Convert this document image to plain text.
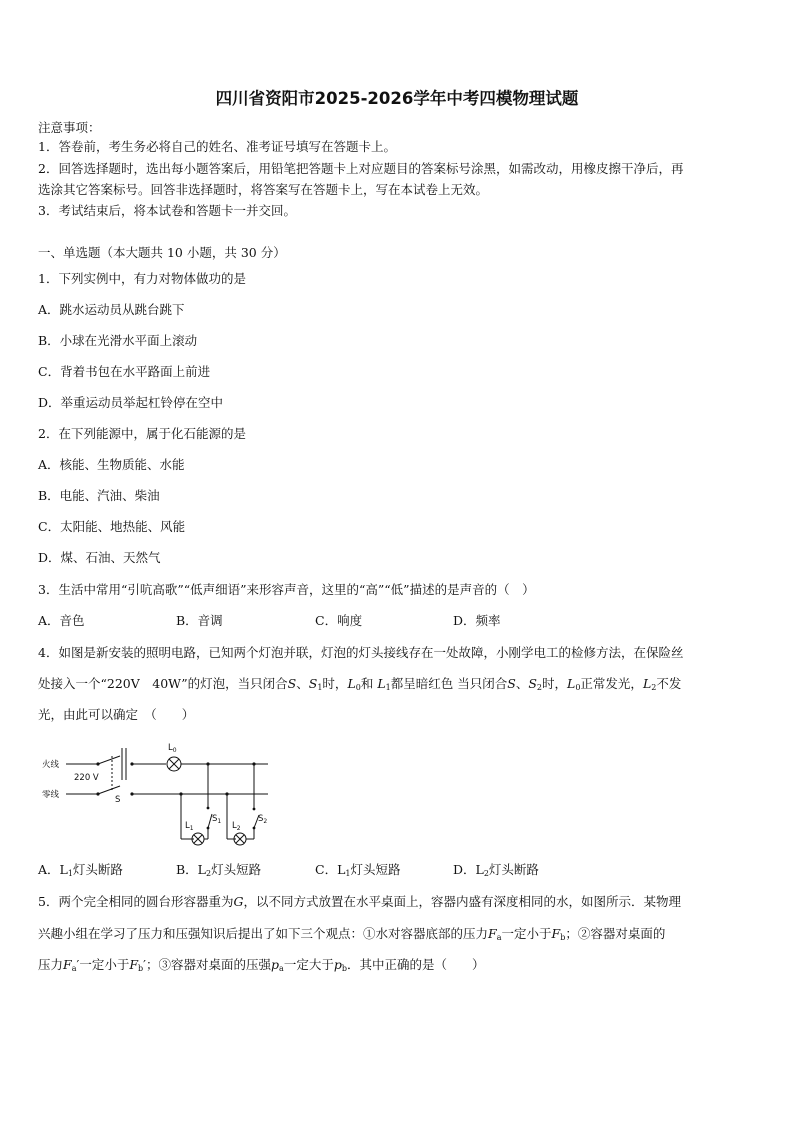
四川省资阳市2025-2026学年中考四模物理试题
注意事项：
1．答卷前，考生务必将自己的姓名、准考证号填写在答题卡上。
2．回答选择题时，选出每小题答案后，用铅笔把答题卡上对应题目的答案标号涂黑，如需改动，用橡皮擦干净后，再
选涂其它答案标号。回答非选择题时，将答案写在答题卡上，写在本试卷上无效。
3．考试结束后，将本试卷和答题卡一并交回。
一、单选题（本大题共 10 小题，共 30 分）
1．下列实例中，有力对物体做功的是
A．跳水运动员从跳台跳下
B．小球在光滑水平面上滚动
C．背着书包在水平路面上前进
D．举重运动员举起杠铃停在空中
2．在下列能源中，属于化石能源的是
A．核能、生物质能、水能
B．电能、汽油、柴油
C．太阳能、地热能、风能
D．煤、石油、天然气
3．生活中常用“引吭高歌”“低声细语”来形容声音，这里的“高”“低”描述的是声音的（　）
A．音色	B．音调	C．响度	D．频率
4．如图是新安装的照明电路，已知两个灯泡并联，灯泡的灯头接线存在一处故障，小刚学电工的检修方法，在保险丝
处接入一个“220V　40W”的灯泡，当只闭合S、$S_1$时，$L_0$和 $L_1$都呈暗红色 当只闭合S、$S_2$时，$L_0$正常发光，$L_2$不发
光，由此可以确定　（　　）
火线
零线
220 V
S
$L_0$
$L_1$	$L_2$
$S_1$	$S_2$
A．$L_1$灯头断路	B．$L_2$灯头短路	C．$L_1$灯头短路	D．$L_2$灯头断路
5．两个完全相同的圆台形容器重为G，以不同方式放置在水平桌面上，容器内盛有深度相同的水，如图所示．某物理
兴趣小组在学习了压力和压强知识后提出了如下三个观点：①水对容器底部的压力$F_a$一定小于$F_b$；②容器对桌面的
压力$F_a'$一定小于$F_b'$；③容器对桌面的压强$p_a$一定大于$p_b$．其中正确的是（　　）
